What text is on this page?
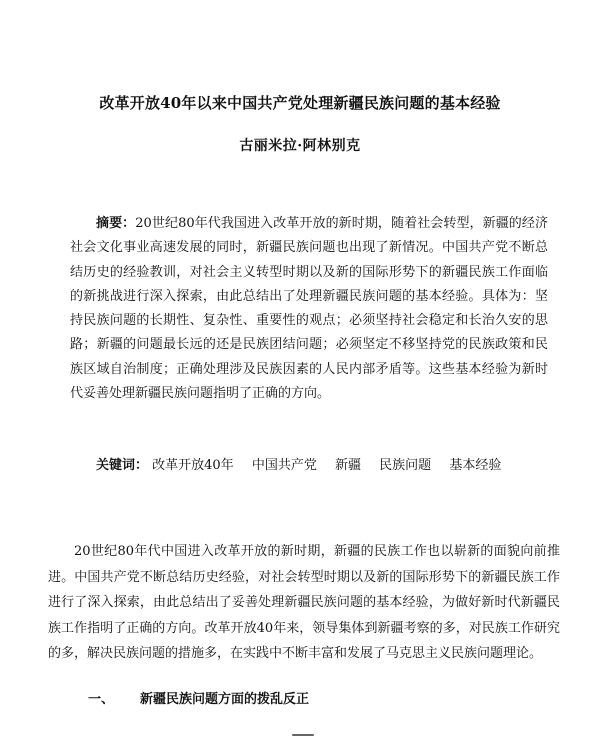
改革开放40年以来中国共产党处理新疆民族问题的基本经验
古丽米拉·阿林别克
摘要：20世纪80年代我国进入改革开放的新时期，随着社会转型，新疆的经济社会文化事业高速发展的同时，新疆民族问题也出现了新情况。中国共产党不断总结历史的经验教训，对社会主义转型时期以及新的国际形势下的新疆民族工作面临的新挑战进行深入探索，由此总结出了处理新疆民族问题的基本经验。具体为：坚持民族问题的长期性、复杂性、重要性的观点；必须坚持社会稳定和长治久安的思路；新疆的问题最长远的还是民族团结问题；必须坚定不移坚持党的民族政策和民族区域自治制度；正确处理涉及民族因素的人民内部矛盾等。这些基本经验为新时代妥善处理新疆民族问题指明了正确的方向。
关键词： 改革开放40年 中国共产党 新疆 民族问题 基本经验
20世纪80年代中国进入改革开放的新时期，新疆的民族工作也以崭新的面貌向前推进。中国共产党不断总结历史经验，对社会转型时期以及新的国际形势下的新疆民族工作进行了深入探索，由此总结出了妥善处理新疆民族问题的基本经验，为做好新时代新疆民族工作指明了正确的方向。改革开放40年来，领导集体到新疆考察的多，对民族工作研究的多，解决民族问题的措施多，在实践中不断丰富和发展了马克思主义民族问题理论。
一、 新疆民族问题方面的拨乱反正
